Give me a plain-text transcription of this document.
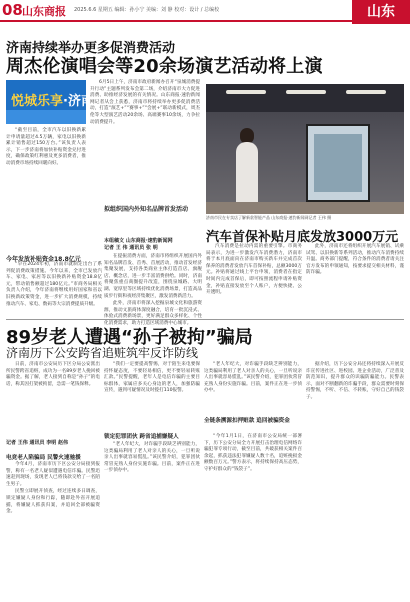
08 山东商报 2025.6.6 星期五 编辑：孙小宁 美编：刘 静 校对：设计 / 总编校	山东
济南持续举办更多促消费活动
周杰伦演唱会等20余场演艺活动将上演
悦城乐享·济南

6月5日上午，济南市政府新闻办召开“泉城消费提升行动”主题系列发布会第二场，介绍济南市大力促进消费、助推经济发展的有关情况。山东商报·速豹新闻网记者从会上获悉，济南市将持续举办更多促消费活动，打造“演艺+”“赛事+”“会展+”联动新模式，周杰伦等大型演艺活动20余场、高端赛事10余场，力争拉动消费提升。

本组稿文 山东商报·速豹新闻网
记者 王 伟 通讯员 张 明

“截至目前，全市汽车以旧换新累计申请量超过4.5万辆，家电以旧换新累计销售超过150万台。”该负责人表示，下一步济南将加快补贴资金兑付进度，确保政策红利惠及更多消费者，推动消费市场持续回暖向好。

今年发放补贴资金18.8亿元

“早在2024年初，济南市就制定出台了系列促消费政策措施。今年以来，全市已发放汽车、家电、家居等以旧换新补贴资金18.8亿元，带动销售额超过180亿元。”市商务局相关负责人介绍，今年济南将继续用好国家和省以旧换新政策资金，进一步扩大消费规模，持续推动汽车、家电、数码等大宗消费提质升级。

拟组织国内外知名品牌首发活动

在提振消费方面，济南市将组织开展国内外知名品牌首发、首秀、首展活动，推动首发经济集聚发展，支持各类商业主体打造首店、旗舰店、概念店，进一步丰富消费供给。同时，济南将聚焦重点商圈提升改造，围绕泉城路、大明湖、宽厚里等区域持续优化消费场景，打造高品质步行街和夜经济集聚区，激发消费新活力。

此外，济南市将深入挖掘泉城文化和旅游资源，推动文旅商体深度融合，培育一批沉浸式、体验式消费新场景，更好满足群众多样化、个性化消费需求，助力打造区域消费中心城市。

济南市民在专卖店了解新款智能产品 山东商报·速豹新闻网记者 王伟 摄
汽车首保补贴月底发放3000万元

汽车消费是拉动内需的重要引擎。市商务局表示，为进一步激发汽车消费潜力，济南市将于本月底面向在济南市购买新车并完成首次保养的消费者发放汽车首保补贴，总额3000万元。补贴将通过线上平台申领，消费者在指定时间内完成首保后，即可按照流程申请补贴资金，补贴直接发放至个人账户，方便快捷、公开透明。

此外，济南市还将组织开展汽车展销、试乘试驾、以旧换新等系列活动，推动汽车消费持续升温。商务部门提醒，符合条件的消费者请关注官方发布的申领通知，按要求提交相关材料，谨防诈骗。

89岁老人遭遇“孙子被拘”骗局
济南历下公安跨省追赃筑牢反诈防线

日前，济南市公安局历下区分局公安派出所民警跨省追赃，成功为一名89岁老人挽回被骗资金。据了解，老人接到自称是“孙子”的电话，称其因打架被拘留，急需一笔钱保释。

记者 王伟 通讯员 李明 赵伟
电竞老人陷骗局 民警火速驰援

今年4月，济南市历下区公安分局接到报警，称有一名老人疑似遭遇电信诈骗。民警迅速赶到现场，发现老人已将钱款交给了一名陌生男子。

民警立即展开侦查，经过连续多日调查，锁定嫌疑人身份和行踪，随即赴外省开展追捕，将嫌疑人抓获归案，并追回全部被骗资金。

“我们一定要提高警惕，对于陌生来电要保持怀疑态度，不要轻易相信，更不要轻易转账汇款。”民警提醒，老年人是电信诈骗的主要目标群体，家属应多关心身边的老人，加强防骗宣传，遇到可疑情况及时拨打110报警。

锁定犯罪团伙 跨省追捕嫌疑人

“老人年纪大，对诈骗手段缺乏辨别能力，这类骗局利用了老人对亲人的关心，一旦听说亲人出事就容易慌乱。”该民警介绍，犯罪团伙常冒充熟人身份实施诈骗。目前，案件正在进一步侦办中。

“老人年纪大，对诈骗手段缺乏辨别能力，这类骗局利用了老人对亲人的关心，一旦听说亲人出事就容易慌乱。”该民警介绍，犯罪团伙常冒充熟人身份实施诈骗。目前，案件正在进一步侦办中。

全链条溯源扣押赃款 追回被骗资金

“今年1月1日，在济南市公安局统一部署下，历下公安分局全力开展打击治理电信网络诈骗犯罪专项行动，截至目前，共破获相关案件百余起，抓获违法犯罪嫌疑人数十名，追赃挽损金额数百万元。”警方表示，将持续保持高压态势，守护好群众的“钱袋子”。

据介绍，历下公安分局还将持续深入开展反诈宣传进社区、进校园、进企业活动，广泛普及防范知识，提升群众的识骗防骗能力。民警表示，面对不断翻新的诈骗手段，群众需要时刻保持警惕，不听、不信、不转账，守好自己的钱袋子。
